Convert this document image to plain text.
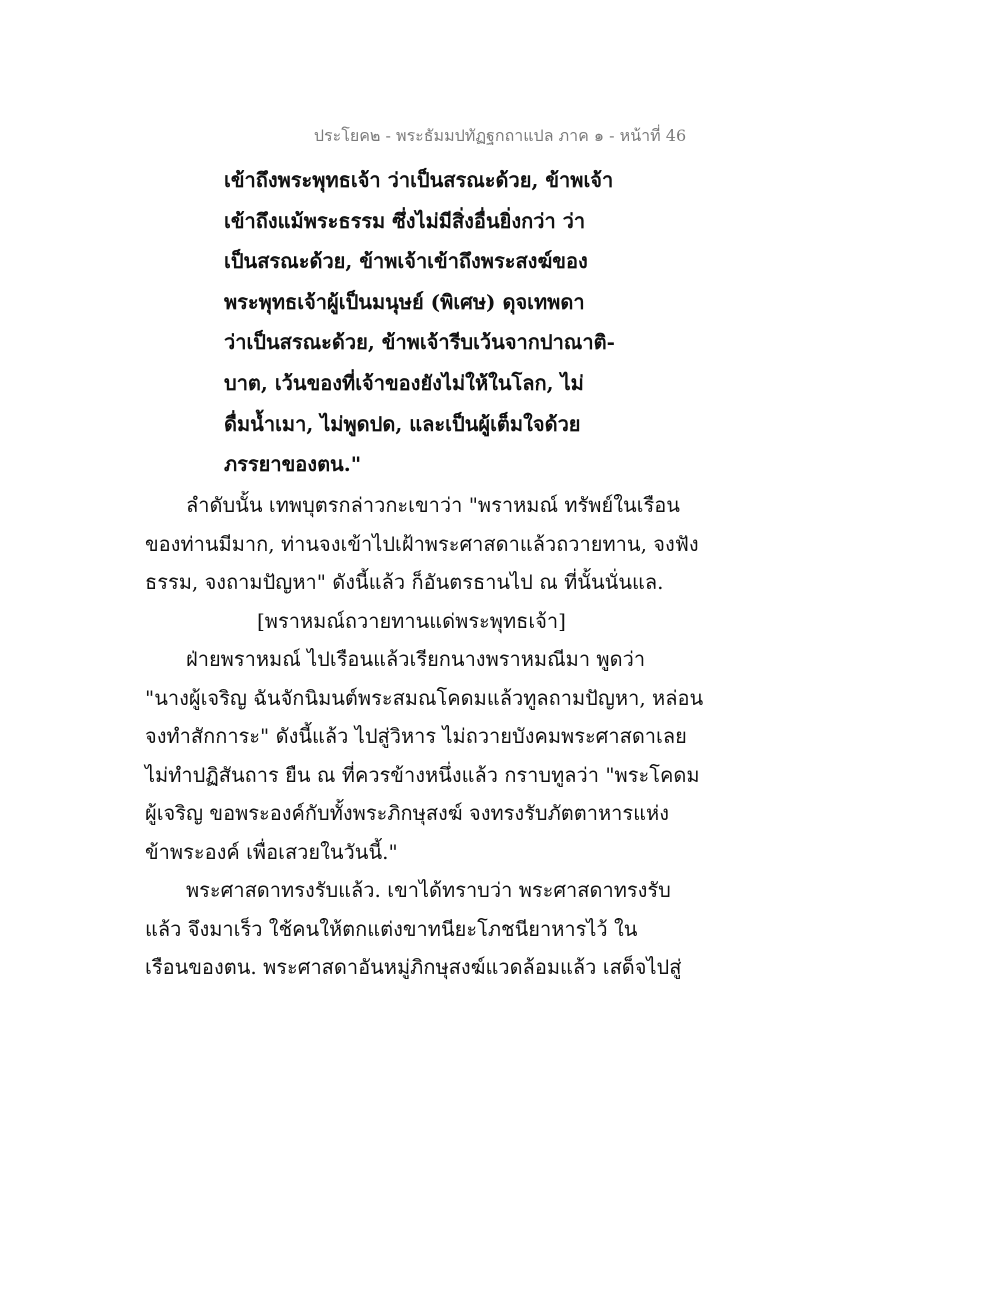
ประโยค๒ - พระธัมมปทัฏฐกถาแปล ภาค ๑ - หน้าที่ 46
เข้าถึงพระพุทธเจ้า ว่าเป็นสรณะด้วย, ข้าพเจ้า
เข้าถึงแม้พระธรรม ซึ่งไม่มีสิ่งอื่นยิ่งกว่า ว่า
เป็นสรณะด้วย, ข้าพเจ้าเข้าถึงพระสงฆ์ของ
พระพุทธเจ้าผู้เป็นมนุษย์ (พิเศษ) ดุจเทพดา
ว่าเป็นสรณะด้วย, ข้าพเจ้ารีบเว้นจากปาณาติ-
บาต, เว้นของที่เจ้าของยังไม่ให้ในโลก, ไม่
ดื่มน้ำเมา, ไม่พูดปด, และเป็นผู้เต็มใจด้วย
ภรรยาของตน."
ลำดับนั้น เทพบุตรกล่าวกะเขาว่า "พราหมณ์ ทรัพย์ในเรือน
ของท่านมีมาก, ท่านจงเข้าไปเฝ้าพระศาสดาแล้วถวายทาน, จงฟัง
ธรรม, จงถามปัญหา" ดังนี้แล้ว ก็อันตรธานไป ณ ที่นั้นนั่นแล.
[พราหมณ์ถวายทานแด่พระพุทธเจ้า]
ฝ่ายพราหมณ์ ไปเรือนแล้วเรียกนางพราหมณีมา พูดว่า
"นางผู้เจริญ ฉันจักนิมนต์พระสมณโคดมแล้วทูลถามปัญหา, หล่อน
จงทำสักการะ" ดังนี้แล้ว ไปสู่วิหาร ไม่ถวายบังคมพระศาสดาเลย
ไม่ทำปฏิสันถาร ยืน ณ ที่ควรข้างหนึ่งแล้ว กราบทูลว่า "พระโคดม
ผู้เจริญ ขอพระองค์กับทั้งพระภิกษุสงฆ์ จงทรงรับภัตตาหารแห่ง
ข้าพระองค์ เพื่อเสวยในวันนี้."
พระศาสดาทรงรับแล้ว. เขาได้ทราบว่า พระศาสดาทรงรับ
แล้ว จึงมาเร็ว ใช้คนให้ตกแต่งขาทนียะโภชนียาหารไว้ ใน
เรือนของตน. พระศาสดาอันหมู่ภิกษุสงฆ์แวดล้อมแล้ว เสด็จไปสู่
